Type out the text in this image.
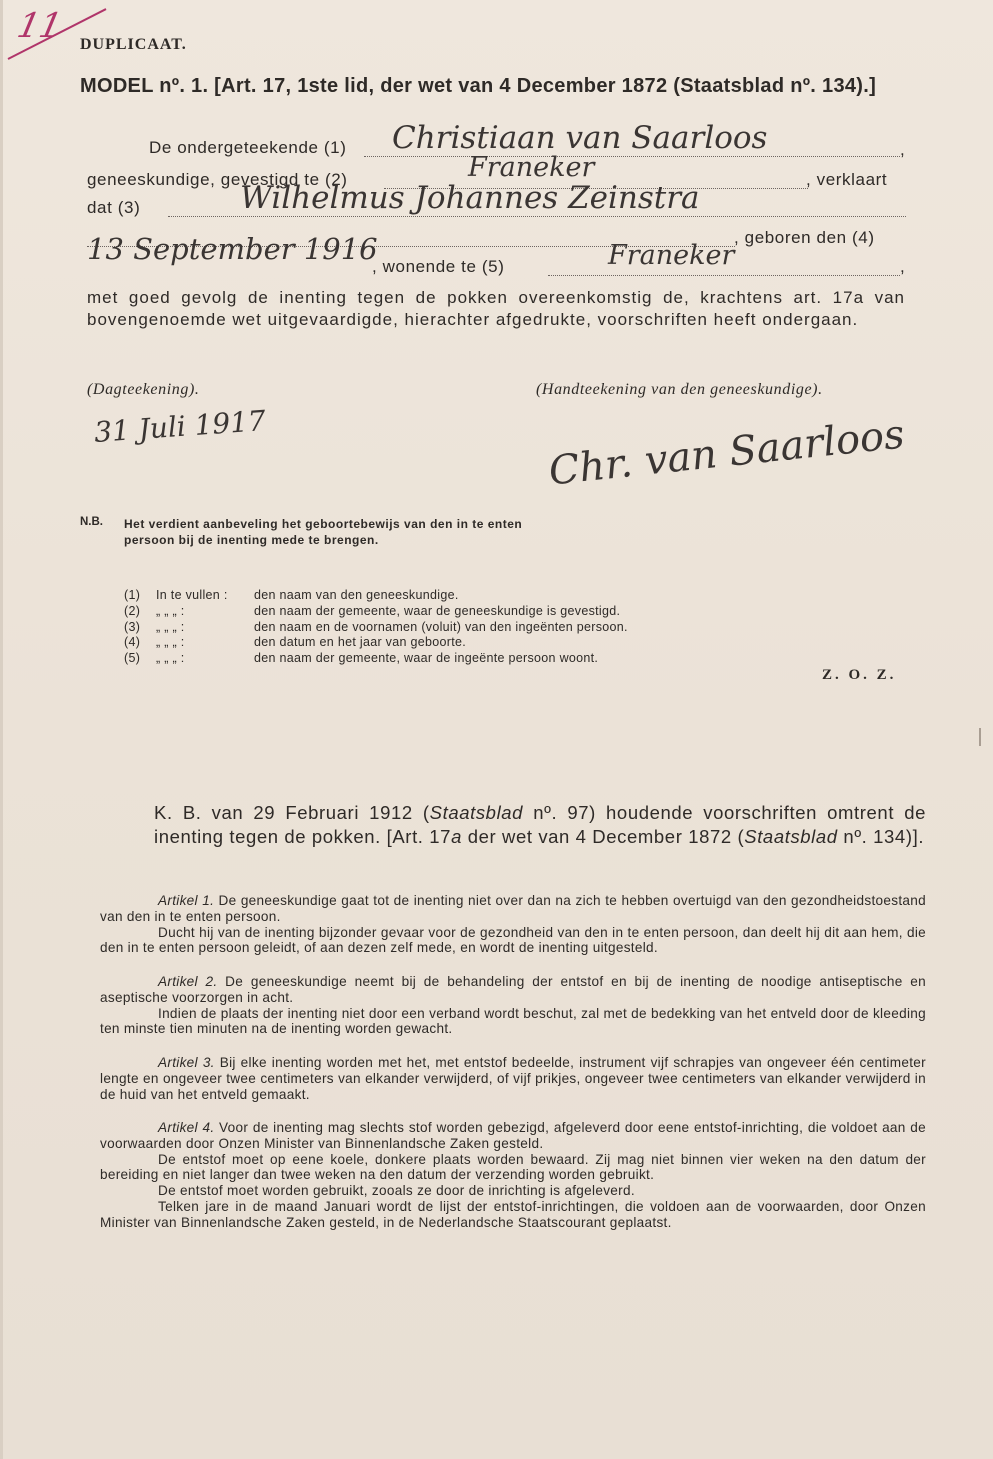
11 DUPLICAAT.
MODEL nº. 1. [Art. 17, 1ste lid, der wet van 4 December 1872 (Staatsblad nº. 134).]
De ondergeteekende (1) Christiaan van Saarloos	,
geneeskundige, gevestigd te (2)	Franeker	, verklaart
dat (3)	Wilhelmus Johannes Zeinstra
, geboren den (4)
13 September 1916
, wonende te (5)	Franeker	,
met goed gevolg de inenting tegen de pokken overeenkomstig de, krachtens art. 17a van bovengenoemde wet uitgevaardigde, hierachter afgedrukte, voorschriften heeft ondergaan.
(Dagteekening).	(Handteekening van den geneeskundige).
31 Juli 1917	Chr. van Saarloos
N.B. Het verdient aanbeveling het geboortebewijs van den in te enten persoon bij de inenting mede te brengen.
(1) In te vullen : den naam van den geneeskundige.
(2) „ „ „ :	den naam der gemeente, waar de geneeskundige is gevestigd.
(3) „ „ „ :	den naam en de voornamen (voluit) van den ingeënten persoon.
(4) „ „ „ :	den datum en het jaar van geboorte.
(5) „ „ „ :	den naam der gemeente, waar de ingeënte persoon woont.
Z. O. Z.
K. B. van 29 Februari 1912 (Staatsblad nº. 97) houdende voorschriften omtrent de inenting tegen de pokken. [Art. 17a der wet van 4 December 1872 (Staatsblad nº. 134)].

Artikel 1. De geneeskundige gaat tot de inenting niet over dan na zich te hebben overtuigd van den gezondheidstoestand van den in te enten persoon.

Ducht hij van de inenting bijzonder gevaar voor de gezondheid van den in te enten persoon, dan deelt hij dit aan hem, die den in te enten persoon geleidt, of aan dezen zelf mede, en wordt de inenting uitgesteld.

Artikel 2. De geneeskundige neemt bij de behandeling der entstof en bij de inenting de noodige antiseptische en aseptische voorzorgen in acht.

Indien de plaats der inenting niet door een verband wordt beschut, zal met de bedekking van het entveld door de kleeding ten minste tien minuten na de inenting worden gewacht.

Artikel 3. Bij elke inenting worden met het, met entstof bedeelde, instrument vijf schrapjes van ongeveer één centimeter lengte en ongeveer twee centimeters van elkander verwijderd, of vijf prikjes, ongeveer twee centimeters van elkander verwijderd in de huid van het entveld gemaakt.

Artikel 4. Voor de inenting mag slechts stof worden gebezigd, afgeleverd door eene entstof-inrichting, die voldoet aan de voorwaarden door Onzen Minister van Binnenlandsche Zaken gesteld.

De entstof moet op eene koele, donkere plaats worden bewaard. Zij mag niet binnen vier weken na den datum der bereiding en niet langer dan twee weken na den datum der verzending worden gebruikt.

De entstof moet worden gebruikt, zooals ze door de inrichting is afgeleverd.

Telken jare in de maand Januari wordt de lijst der entstof-inrichtingen, die voldoen aan de voorwaarden, door Onzen Minister van Binnenlandsche Zaken gesteld, in de Nederlandsche Staatscourant geplaatst.
